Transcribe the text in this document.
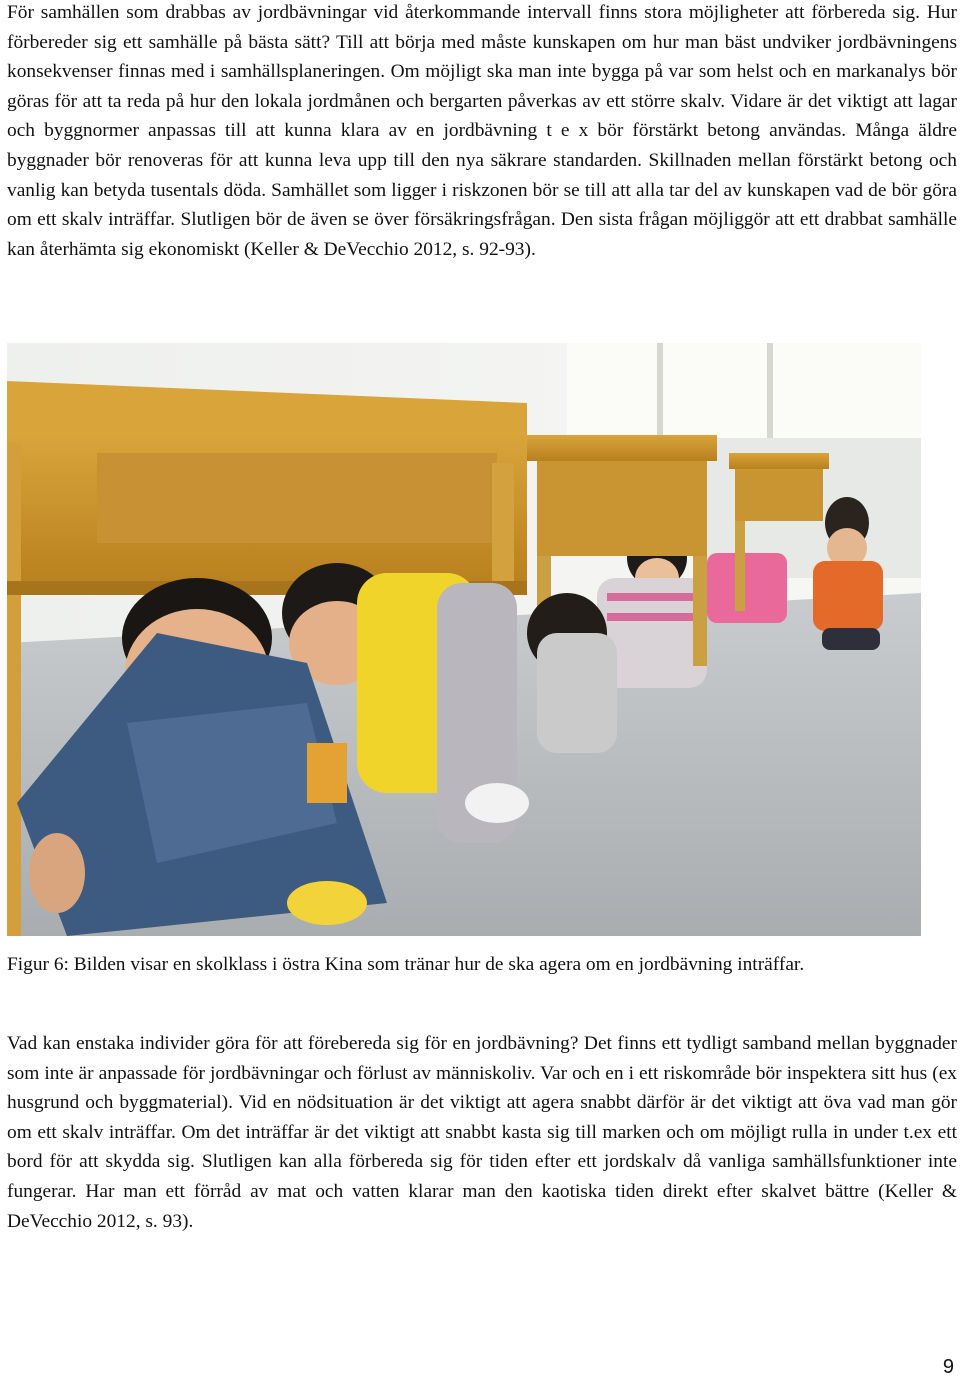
För samhällen som drabbas av jordbävningar vid återkommande intervall finns stora möjligheter att förbereda sig. Hur förbereder sig ett samhälle på bästa sätt? Till att börja med måste kunskapen om hur man bäst undviker jordbävningens konsekvenser finnas med i samhällsplaneringen. Om möjligt ska man inte bygga på var som helst och en markanalys bör göras för att ta reda på hur den lokala jordmånen och bergarten påverkas av ett större skalv. Vidare är det viktigt att lagar och byggnormer anpassas till att kunna klara av en jordbävning t e x bör förstärkt betong användas. Många äldre byggnader bör renoveras för att kunna leva upp till den nya säkrare standarden. Skillnaden mellan förstärkt betong och vanlig kan betyda tusentals döda. Samhället som ligger i riskzonen bör se till att alla tar del av kunskapen vad de bör göra om ett skalv inträffar. Slutligen bör de även se över försäkringsfrågan. Den sista frågan möjliggör att ett drabbat samhälle kan återhämta sig ekonomiskt (Keller & DeVecchio 2012, s. 92-93).

Figur 6: Bilden visar en skolklass i östra Kina som tränar hur de ska agera om en jordbävning inträffar.

Vad kan enstaka individer göra för att förebereda sig för en jordbävning? Det finns ett tydligt samband mellan byggnader som inte är anpassade för jordbävningar och förlust av människoliv. Var och en i ett riskområde bör inspektera sitt hus (ex husgrund och byggmaterial). Vid en nödsituation är det viktigt att agera snabbt därför är det viktigt att öva vad man gör om ett skalv inträffar. Om det inträffar är det viktigt att snabbt kasta sig till marken och om möjligt rulla in under t.ex ett bord för att skydda sig. Slutligen kan alla förbereda sig för tiden efter ett jordskalv då vanliga samhällsfunktioner inte fungerar. Har man ett förråd av mat och vatten klarar man den kaotiska tiden direkt efter skalvet bättre (Keller & DeVecchio 2012, s. 93).

9
